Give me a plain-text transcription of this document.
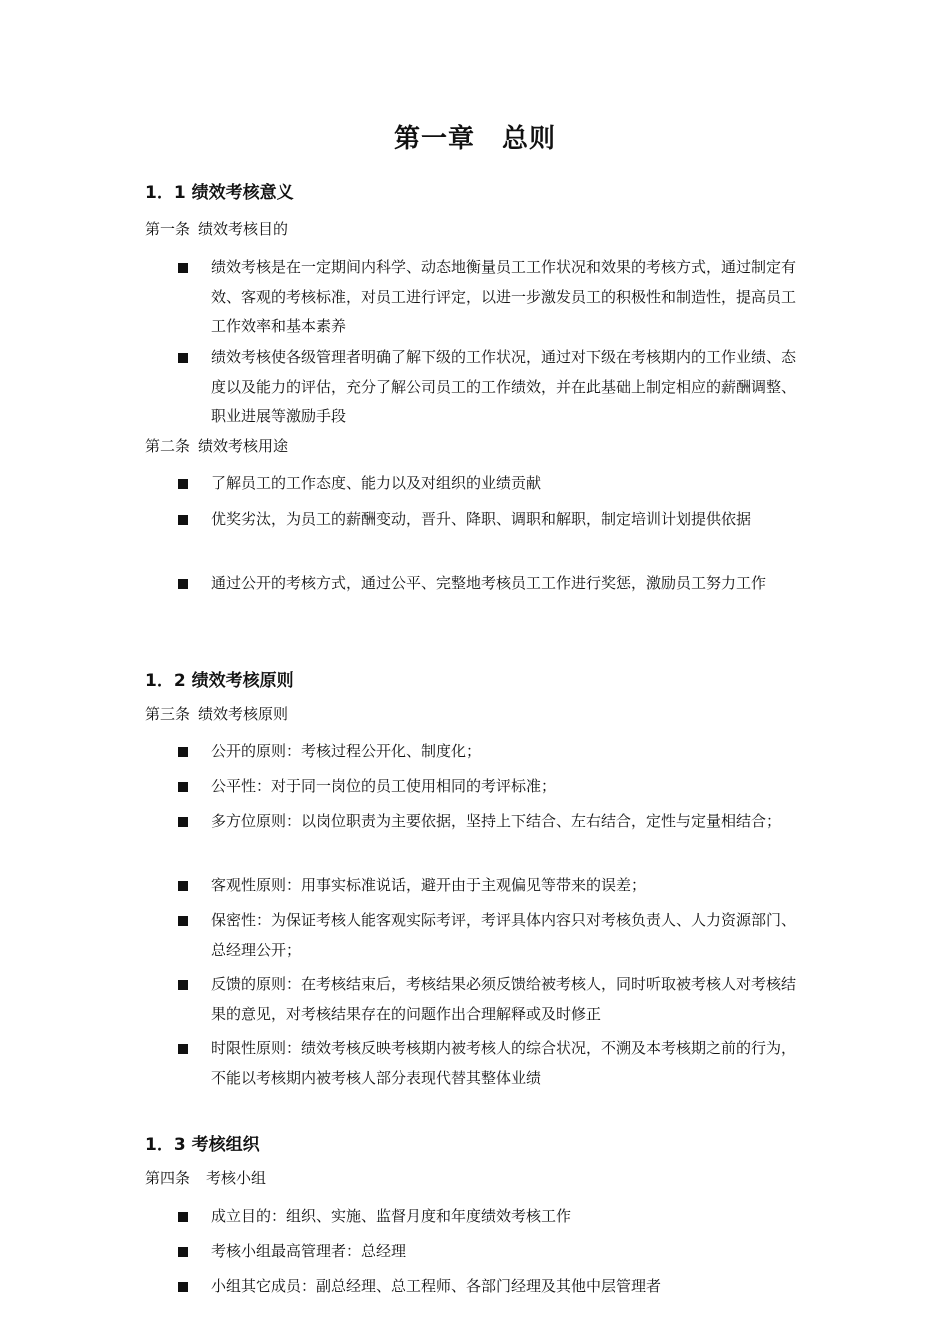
第一章　总则
1．1 绩效考核意义
第一条 绩效考核目的
绩效考核是在一定期间内科学、动态地衡量员工工作状况和效果的考核方式，通过制定有效、客观的考核标准，对员工进行评定，以进一步激发员工的积极性和制造性，提高员工工作效率和基本素养
绩效考核使各级管理者明确了解下级的工作状况，通过对下级在考核期内的工作业绩、态度以及能力的评估，充分了解公司员工的工作绩效，并在此基础上制定相应的薪酬调整、职业进展等激励手段
第二条 绩效考核用途
了解员工的工作态度、能力以及对组织的业绩贡献
优奖劣汰，为员工的薪酬变动，晋升、降职、调职和解职，制定培训计划提供依据
通过公开的考核方式，通过公平、完整地考核员工工作进行奖惩，激励员工努力工作
1．2 绩效考核原则
第三条 绩效考核原则
公开的原则：考核过程公开化、制度化；
公平性：对于同一岗位的员工使用相同的考评标准；
多方位原则：以岗位职责为主要依据，坚持上下结合、左右结合，定性与定量相结合；
客观性原则：用事实标准说话，避开由于主观偏见等带来的误差；
保密性：为保证考核人能客观实际考评，考评具体内容只对考核负责人、人力资源部门、总经理公开；
反馈的原则：在考核结束后，考核结果必须反馈给被考核人，同时听取被考核人对考核结果的意见，对考核结果存在的问题作出合理解释或及时修正
时限性原则：绩效考核反映考核期内被考核人的综合状况，不溯及本考核期之前的行为，不能以考核期内被考核人部分表现代替其整体业绩
1．3 考核组织
第四条 考核小组
成立目的：组织、实施、监督月度和年度绩效考核工作
考核小组最高管理者：总经理
小组其它成员：副总经理、总工程师、各部门经理及其他中层管理者
